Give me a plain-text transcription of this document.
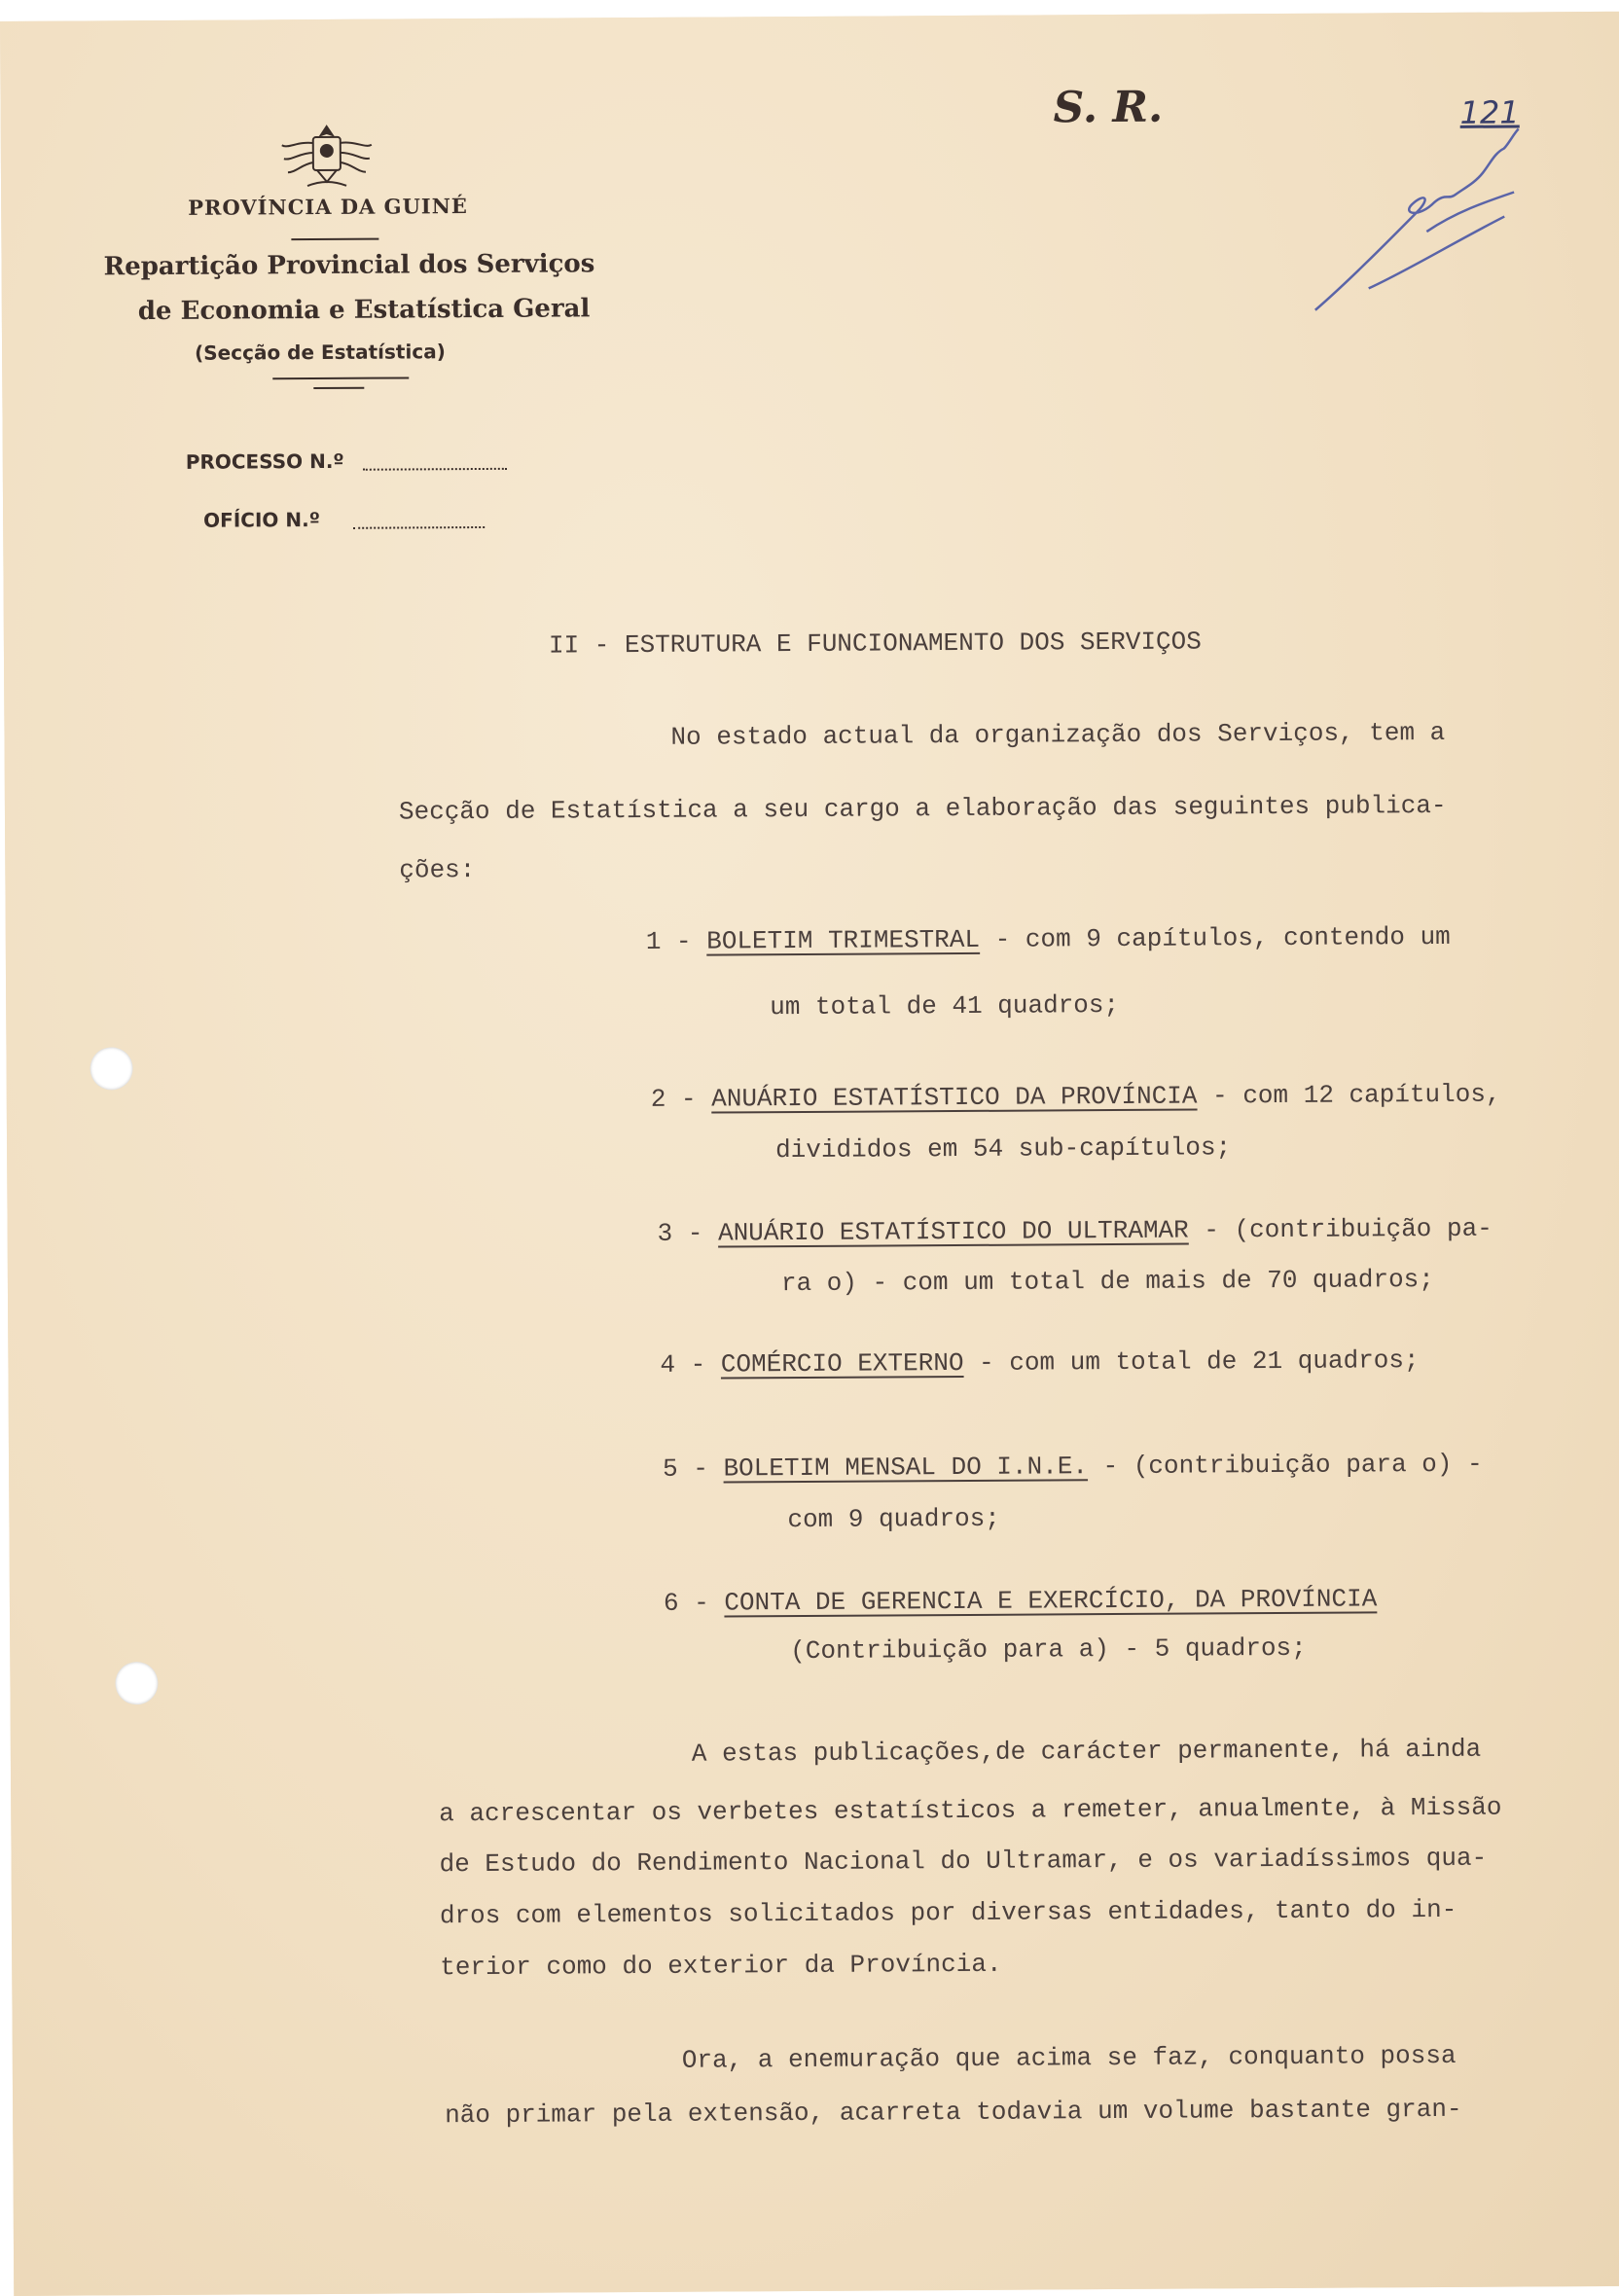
PROVÍNCIA DA GUINÉ
Repartição Provincial dos Serviços
de Economia e Estatística Geral
(Secção de Estatística)
PROCESSO N.º
OFÍCIO N.º
S. R.	121
II - ESTRUTURA E FUNCIONAMENTO DOS SERVIÇOS
No estado actual da organização dos Serviços, tem a
Secção de Estatística a seu cargo a elaboração das seguintes publica-
ções:
1 - BOLETIM TRIMESTRAL - com 9 capítulos, contendo um
um total de 41 quadros;
2 - ANUÁRIO ESTATÍSTICO DA PROVÍNCIA - com 12 capítulos,
divididos em 54 sub-capítulos;
3 - ANUÁRIO ESTATÍSTICO DO ULTRAMAR - (contribuição pa-
ra o) - com um total de mais de 70 quadros;
4 - COMÉRCIO EXTERNO - com um total de 21 quadros;
5 - BOLETIM MENSAL DO I.N.E. - (contribuição para o) -
com 9 quadros;
6 - CONTA DE GERENCIA E EXERCÍCIO, DA PROVÍNCIA
(Contribuição para a) - 5 quadros;
A estas publicações,de carácter permanente, há ainda
a acrescentar os verbetes estatísticos a remeter, anualmente, à Missão
de Estudo do Rendimento Nacional do Ultramar, e os variadíssimos qua-
dros com elementos solicitados por diversas entidades, tanto do in-
terior como do exterior da Província.
Ora, a enemuração que acima se faz, conquanto possa
não primar pela extensão, acarreta todavia um volume bastante gran-
